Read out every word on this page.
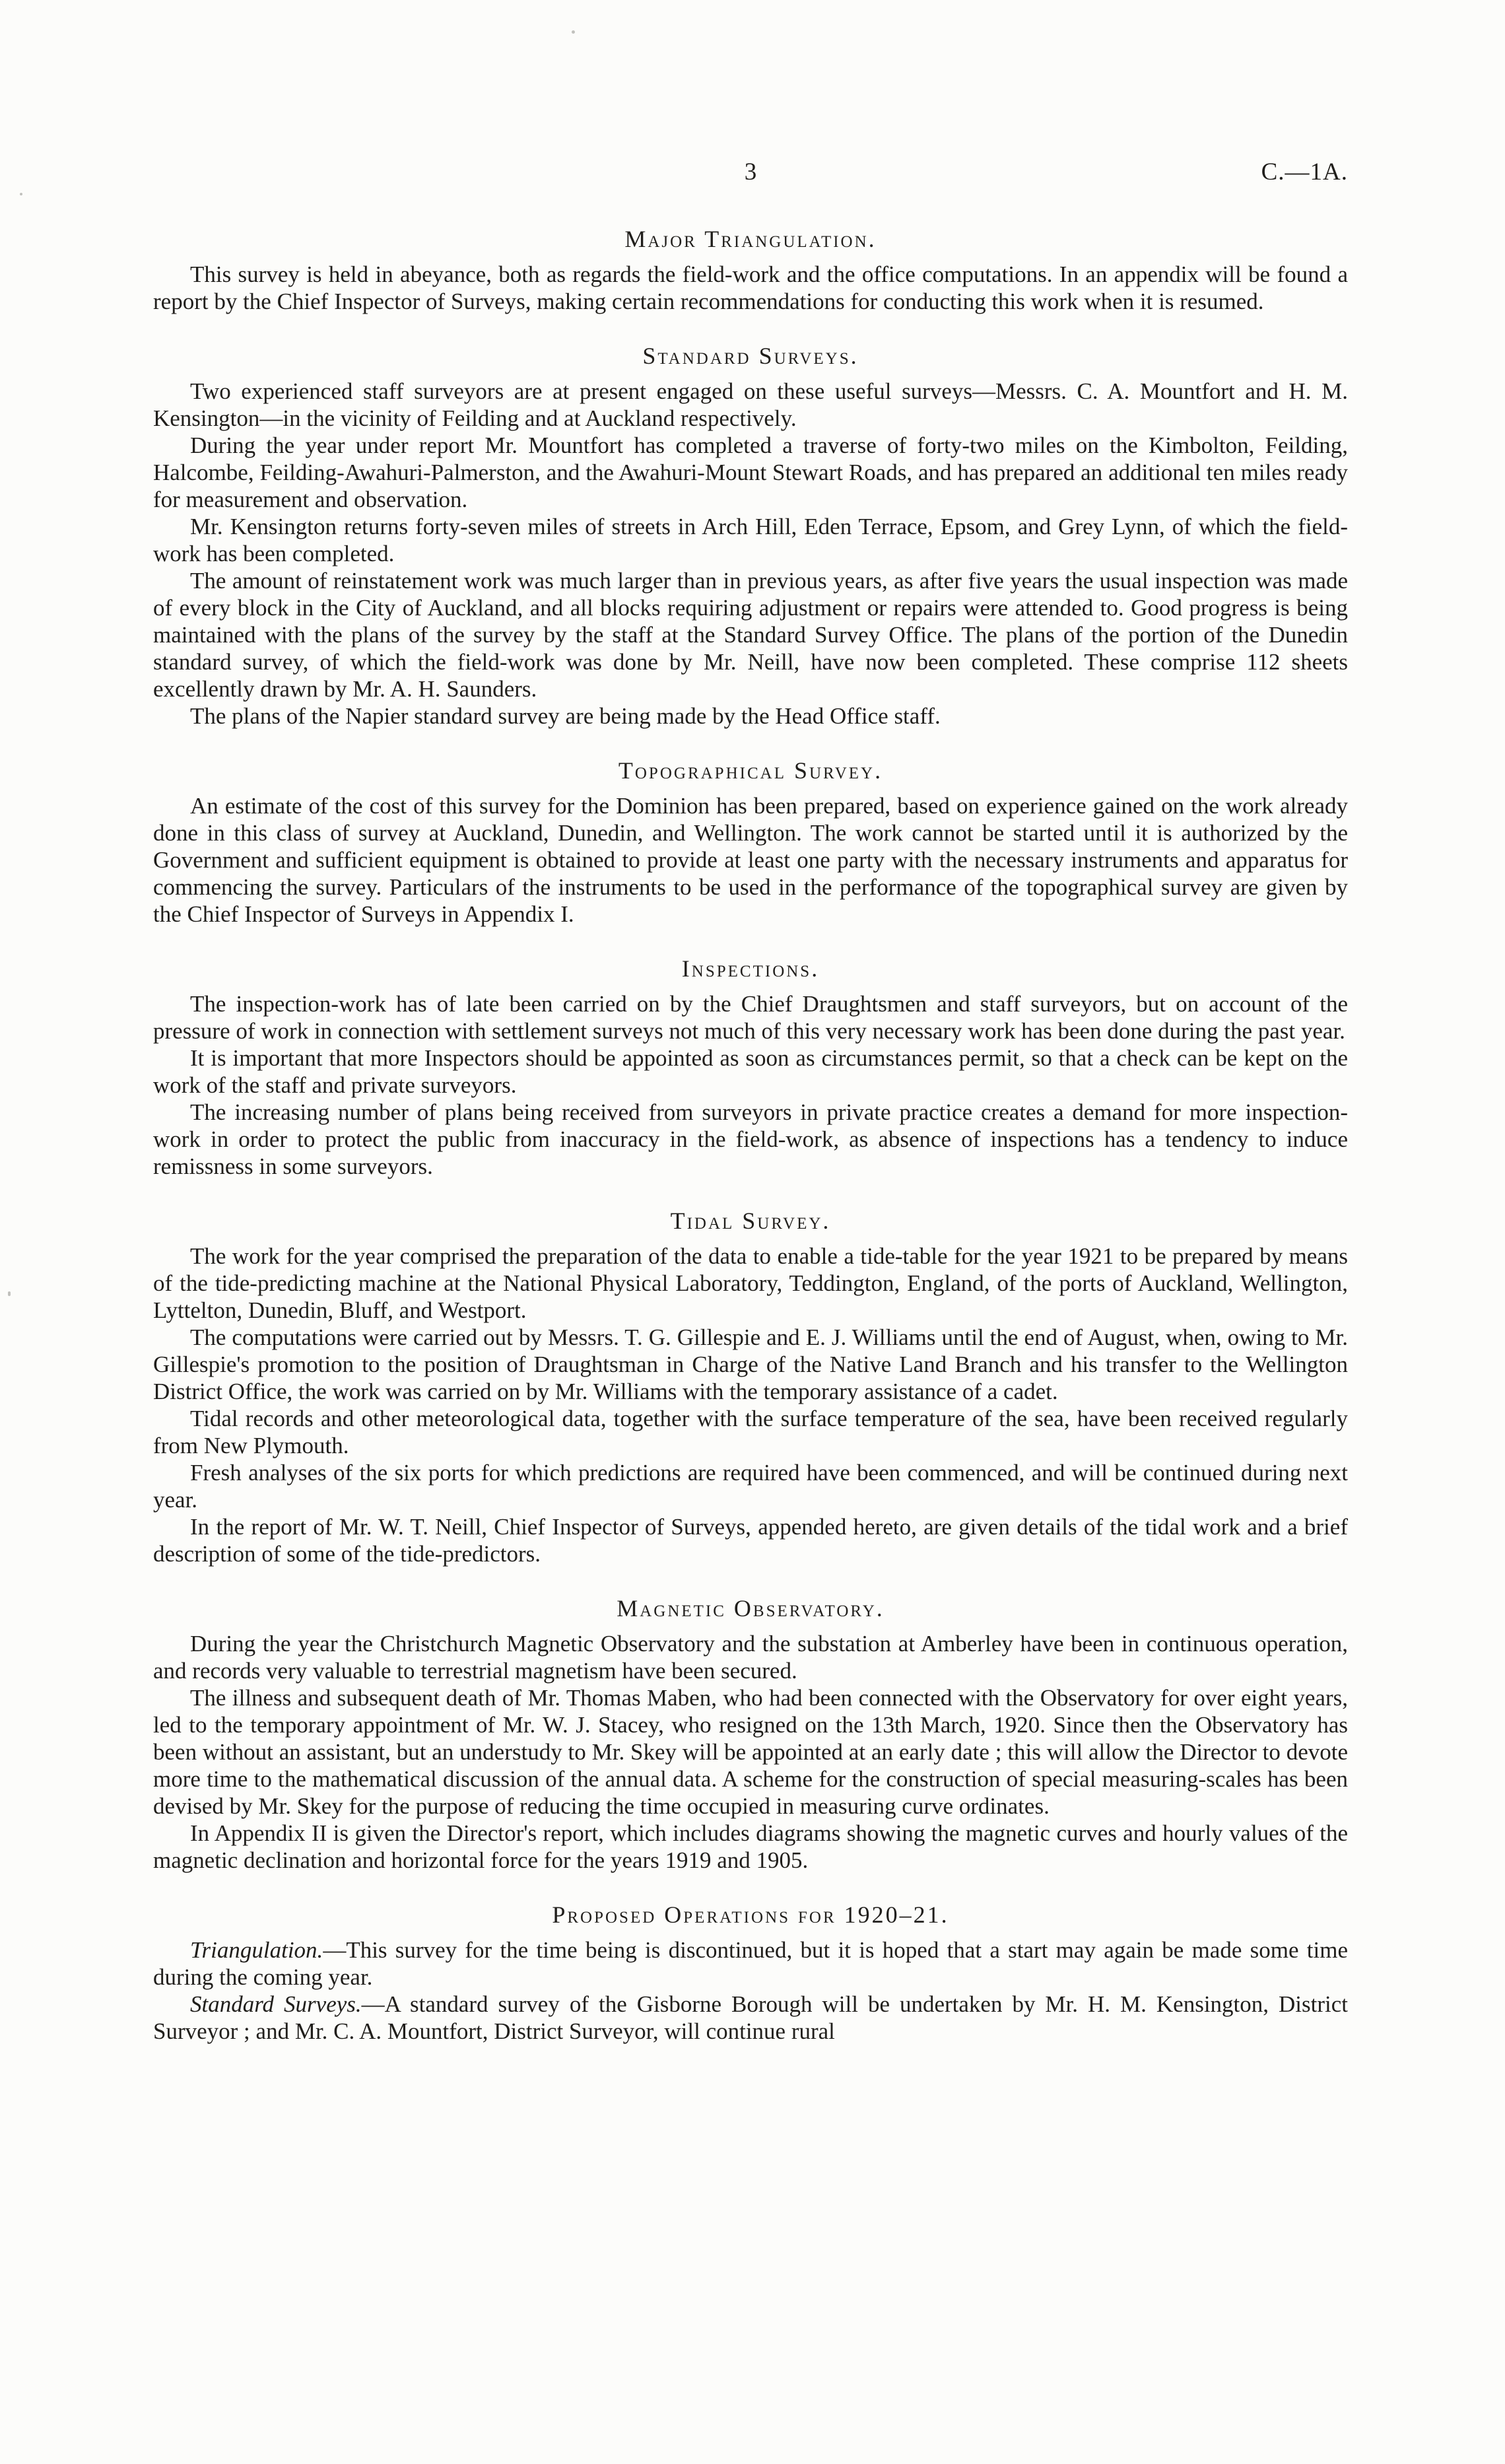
3	C.—1A.
Major Triangulation.

This survey is held in abeyance, both as regards the field-work and the office computations. In an appendix will be found a report by the Chief Inspector of Surveys, making certain recommendations for conducting this work when it is resumed.

Standard Surveys.

Two experienced staff surveyors are at present engaged on these useful surveys—Messrs. C. A. Mountfort and H. M. Kensington—in the vicinity of Feilding and at Auckland respectively.

During the year under report Mr. Mountfort has completed a traverse of forty-two miles on the Kimbolton, Feilding, Halcombe, Feilding-Awahuri-Palmerston, and the Awahuri-Mount Stewart Roads, and has prepared an additional ten miles ready for measurement and observation.

Mr. Kensington returns forty-seven miles of streets in Arch Hill, Eden Terrace, Epsom, and Grey Lynn, of which the field-work has been completed.

The amount of reinstatement work was much larger than in previous years, as after five years the usual inspection was made of every block in the City of Auckland, and all blocks requiring adjustment or repairs were attended to. Good progress is being maintained with the plans of the survey by the staff at the Standard Survey Office. The plans of the portion of the Dunedin standard survey, of which the field-work was done by Mr. Neill, have now been completed. These comprise 112 sheets excellently drawn by Mr. A. H. Saunders.

The plans of the Napier standard survey are being made by the Head Office staff.

Topographical Survey.

An estimate of the cost of this survey for the Dominion has been prepared, based on experience gained on the work already done in this class of survey at Auckland, Dunedin, and Wellington. The work cannot be started until it is authorized by the Government and sufficient equipment is obtained to provide at least one party with the necessary instruments and apparatus for commencing the survey. Particulars of the instruments to be used in the performance of the topographical survey are given by the Chief Inspector of Surveys in Appendix I.

Inspections.

The inspection-work has of late been carried on by the Chief Draughtsmen and staff surveyors, but on account of the pressure of work in connection with settlement surveys not much of this very necessary work has been done during the past year.

It is important that more Inspectors should be appointed as soon as circumstances permit, so that a check can be kept on the work of the staff and private surveyors.

The increasing number of plans being received from surveyors in private practice creates a demand for more inspection-work in order to protect the public from inaccuracy in the field-work, as absence of inspections has a tendency to induce remissness in some surveyors.

Tidal Survey.

The work for the year comprised the preparation of the data to enable a tide-table for the year 1921 to be prepared by means of the tide-predicting machine at the National Physical Laboratory, Teddington, England, of the ports of Auckland, Wellington, Lyttelton, Dunedin, Bluff, and Westport.

The computations were carried out by Messrs. T. G. Gillespie and E. J. Williams until the end of August, when, owing to Mr. Gillespie's promotion to the position of Draughtsman in Charge of the Native Land Branch and his transfer to the Wellington District Office, the work was carried on by Mr. Williams with the temporary assistance of a cadet.

Tidal records and other meteorological data, together with the surface temperature of the sea, have been received regularly from New Plymouth.

Fresh analyses of the six ports for which predictions are required have been commenced, and will be continued during next year.

In the report of Mr. W. T. Neill, Chief Inspector of Surveys, appended hereto, are given details of the tidal work and a brief description of some of the tide-predictors.

Magnetic Observatory.

During the year the Christchurch Magnetic Observatory and the substation at Amberley have been in continuous operation, and records very valuable to terrestrial magnetism have been secured.

The illness and subsequent death of Mr. Thomas Maben, who had been connected with the Observatory for over eight years, led to the temporary appointment of Mr. W. J. Stacey, who resigned on the 13th March, 1920. Since then the Observatory has been without an assistant, but an understudy to Mr. Skey will be appointed at an early date ; this will allow the Director to devote more time to the mathematical discussion of the annual data. A scheme for the construction of special measuring-scales has been devised by Mr. Skey for the purpose of reducing the time occupied in measuring curve ordinates.

In Appendix II is given the Director's report, which includes diagrams showing the magnetic curves and hourly values of the magnetic declination and horizontal force for the years 1919 and 1905.

Proposed Operations for 1920–21.

Triangulation.—This survey for the time being is discontinued, but it is hoped that a start may again be made some time during the coming year.

Standard Surveys.—A standard survey of the Gisborne Borough will be undertaken by Mr. H. M. Kensington, District Surveyor ; and Mr. C. A. Mountfort, District Surveyor, will continue rural
